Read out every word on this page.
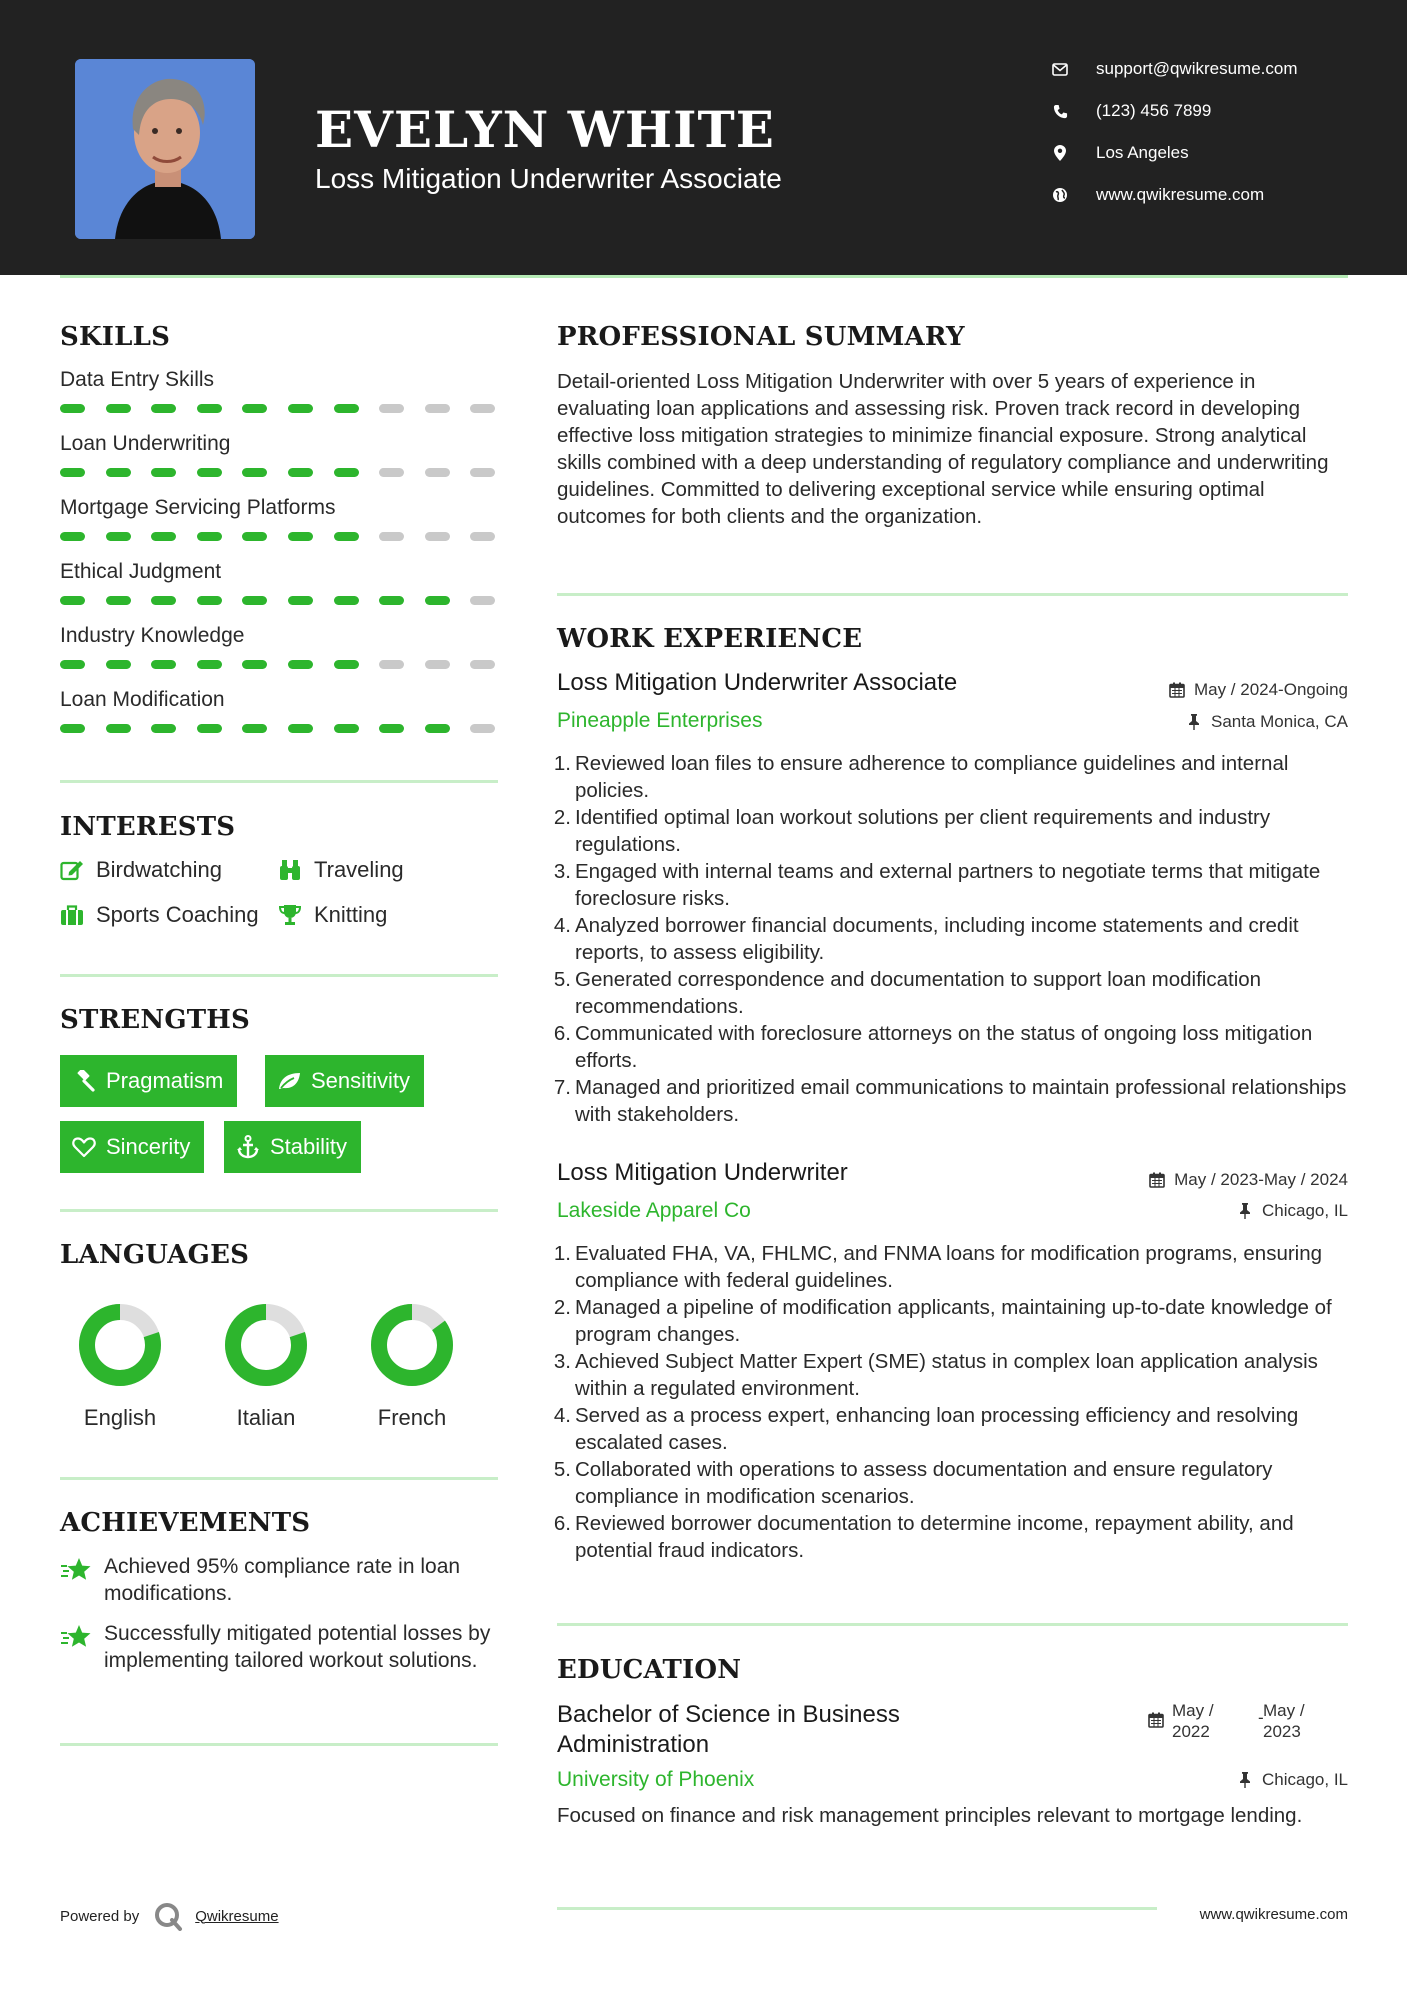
EVELYN WHITE
Loss Mitigation Underwriter Associate
support@qwikresume.com
(123) 456 7899
Los Angeles
www.qwikresume.com
SKILLS
Data Entry Skills
Loan Underwriting
Mortgage Servicing Platforms
Ethical Judgment
Industry Knowledge
Loan Modification
INTERESTS
Birdwatching	Traveling
Sports Coaching	Knitting
STRENGTHS
Pragmatism	Sensitivity
Sincerity	Stability
LANGUAGES
English	Italian	French
ACHIEVEMENTS
Achieved 95% compliance rate in loan modifications.
Successfully mitigated potential losses by implementing tailored workout solutions.
PROFESSIONAL SUMMARY
Detail-oriented Loss Mitigation Underwriter with over 5 years of experience in evaluating loan applications and assessing risk. Proven track record in developing effective loss mitigation strategies to minimize financial exposure. Strong analytical skills combined with a deep understanding of regulatory compliance and underwriting guidelines. Committed to delivering exceptional service while ensuring optimal outcomes for both clients and the organization.
WORK EXPERIENCE
Loss Mitigation Underwriter Associate	May / 2024-Ongoing
Pineapple Enterprises	Santa Monica, CA
1. Reviewed loan files to ensure adherence to compliance guidelines and internal policies.
2. Identified optimal loan workout solutions per client requirements and industry regulations.
3. Engaged with internal teams and external partners to negotiate terms that mitigate foreclosure risks.
4. Analyzed borrower financial documents, including income statements and credit reports, to assess eligibility.
5. Generated correspondence and documentation to support loan modification recommendations.
6. Communicated with foreclosure attorneys on the status of ongoing loss mitigation efforts.
7. Managed and prioritized email communications to maintain professional relationships with stakeholders.
Loss Mitigation Underwriter	May / 2023-May / 2024
Lakeside Apparel Co	Chicago, IL
1. Evaluated FHA, VA, FHLMC, and FNMA loans for modification programs, ensuring compliance with federal guidelines.
2. Managed a pipeline of modification applicants, maintaining up-to-date knowledge of program changes.
3. Achieved Subject Matter Expert (SME) status in complex loan application analysis within a regulated environment.
4. Served as a process expert, enhancing loan processing efficiency and resolving escalated cases.
5. Collaborated with operations to assess documentation and ensure regulatory compliance in modification scenarios.
6. Reviewed borrower documentation to determine income, repayment ability, and potential fraud indicators.
EDUCATION
Bachelor of Science in Business Administration
May / 2022
- May / 2023
University of Phoenix	Chicago, IL
Focused on finance and risk management principles relevant to mortgage lending.
Powered by	Qwikresume	www.qwikresume.com
